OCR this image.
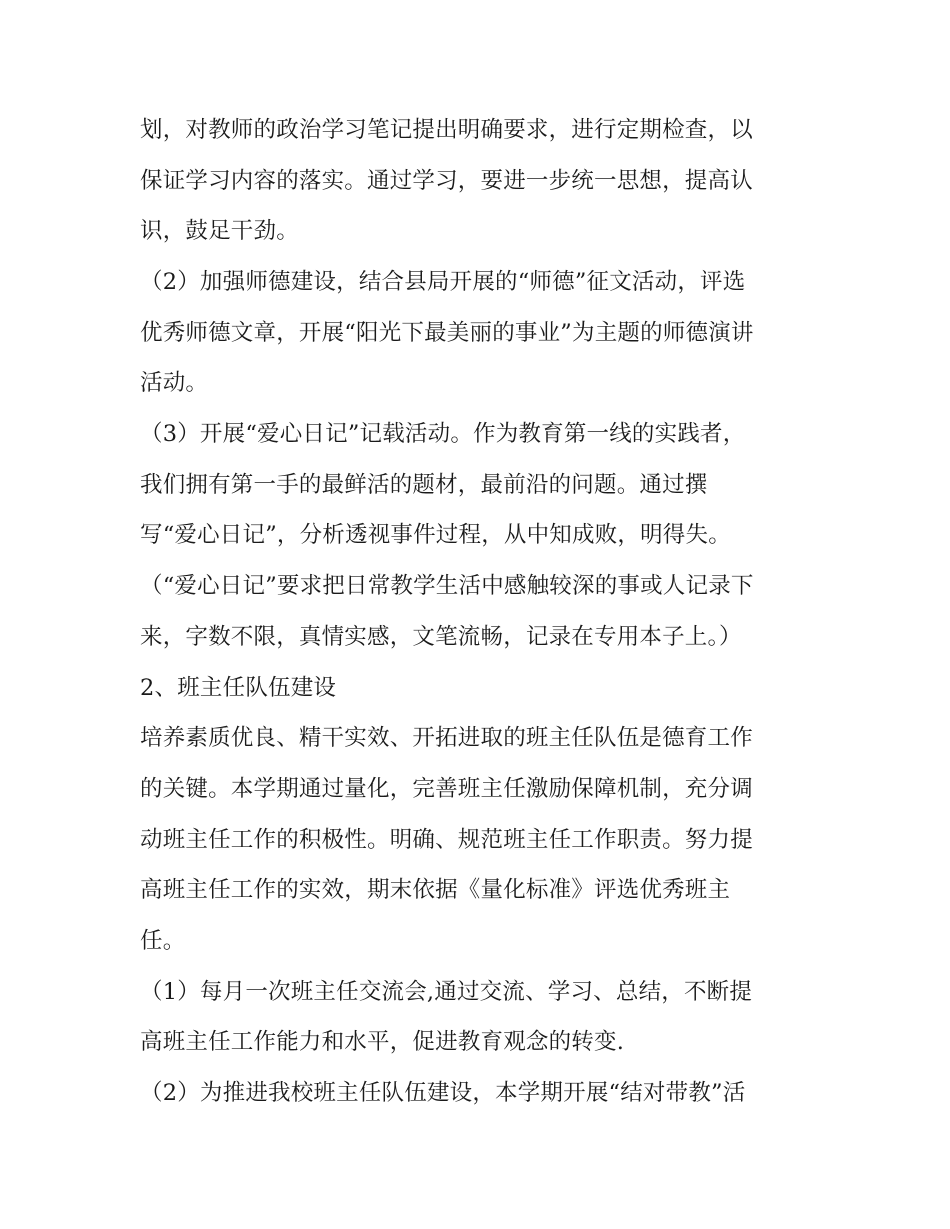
划，对教师的政治学习笔记提出明确要求，进行定期检查，以
保证学习内容的落实。通过学习，要进一步统一思想，提高认
识，鼓足干劲。
（2）加强师德建设，结合县局开展的“师德”征文活动，评选
优秀师德文章，开展“阳光下最美丽的事业”为主题的师德演讲
活动。
（3）开展“爱心日记”记载活动。作为教育第一线的实践者，
我们拥有第一手的最鲜活的题材，最前沿的问题。通过撰
写“爱心日记”，分析透视事件过程，从中知成败，明得失。
（“爱心日记”要求把日常教学生活中感触较深的事或人记录下
来，字数不限，真情实感，文笔流畅，记录在专用本子上。）
2、班主任队伍建设
培养素质优良、精干实效、开拓进取的班主任队伍是德育工作
的关键。本学期通过量化，完善班主任激励保障机制，充分调
动班主任工作的积极性。明确、规范班主任工作职责。努力提
高班主任工作的实效，期末依据《量化标准》评选优秀班主
任。
（1）每月一次班主任交流会,通过交流、学习、总结，不断提
高班主任工作能力和水平，促进教育观念的转变.
（2）为推进我校班主任队伍建设，本学期开展“结对带教”活
